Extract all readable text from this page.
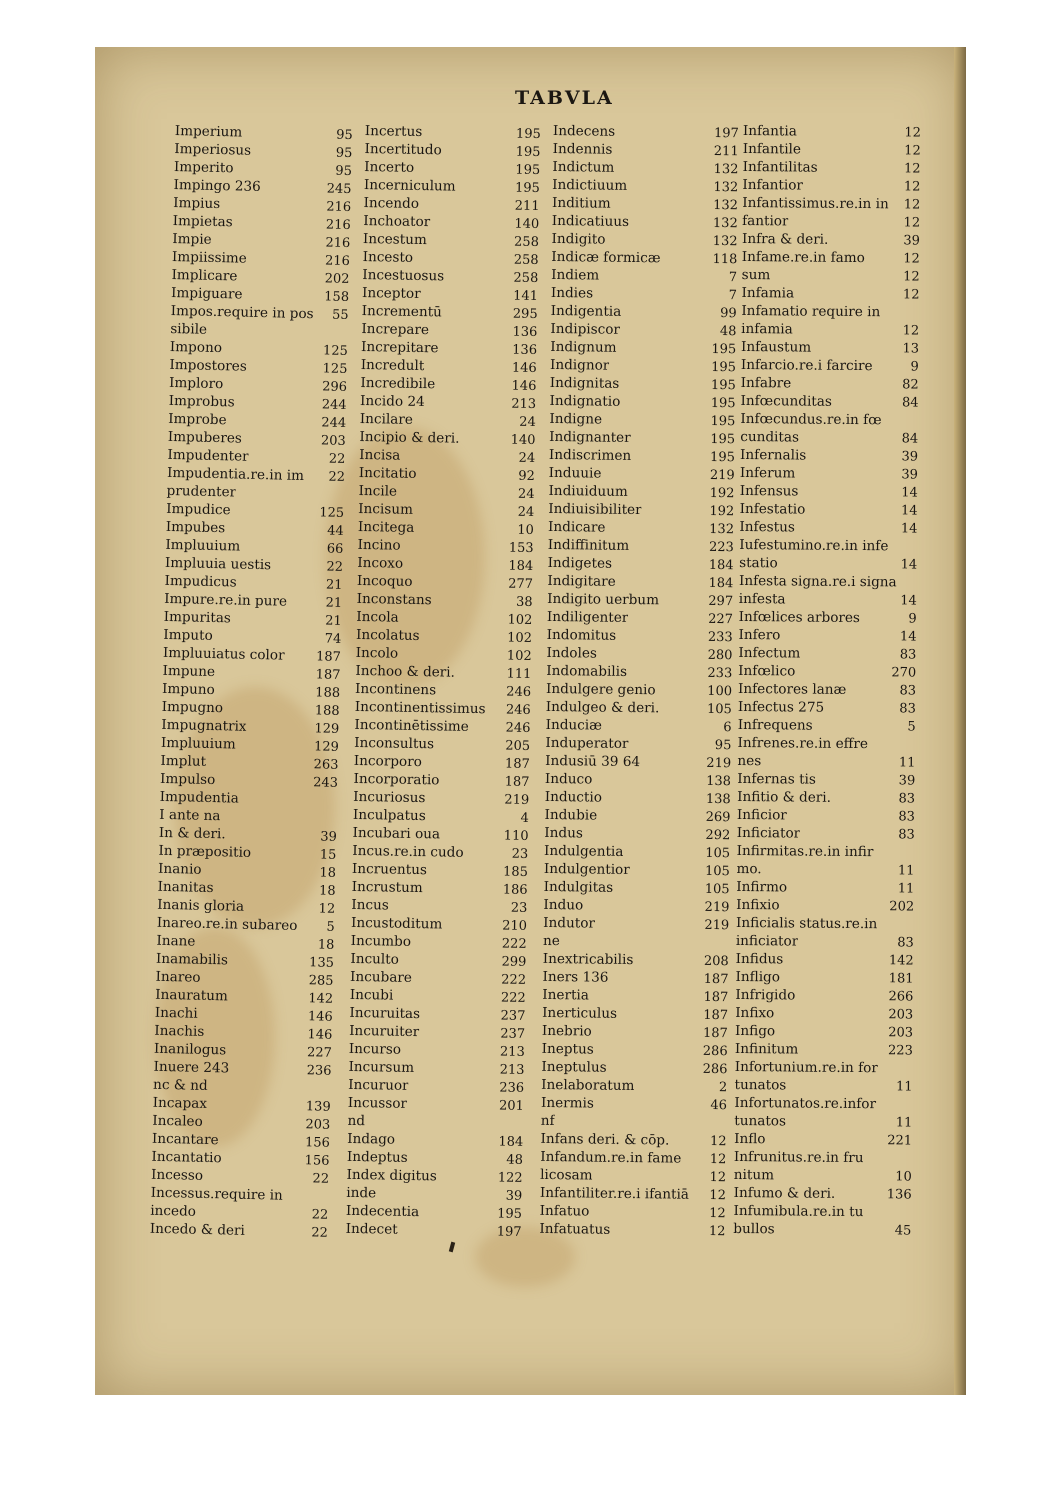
TABVLA
Imperium	95
Imperiosus	95
Imperito	95
Impingo 236	245
Impius	216
Impietas	216
Impie	216
Impiissime	216
Implicare	202
Impiguare	158
Impos.require in pos 55
sibile
Impono	125
Impostores	125
Imploro	296
Improbus	244
Improbe	244
Impuberes	203
Impudenter	22
Impudentia.re.in im 22
prudenter
Impudice	125
Impubes	44
Impluuium	66
Impluuia uestis	22
Impudicus	21
Impure.re.in pure	21
Impuritas	21
Imputo	74
Impluuiatus color 187
Impune	187
Impuno	188
Impugno	188
Impugnatrix	129
Impluuium	129
Implut	263
Impulso	243
Impudentia
I ante na
In & deri.	39
In præpositio	15
Inanio	18
Inanitas	18
Inanis gloria	12
Inareo.re.in subareo 5
Inane	18
Inamabilis	135
Inareo	285
Inauratum	142
Inachi	146
Inachis	146
Inanilogus	227
Inuere 243	236
nc & nd
Incapax	139
Incaleo	203
Incantare	156
Incantatio	156
Incesso	22
Incessus.require in
incedo	22
Incedo & deri	22
Incertus	195
Incertitudo	195
Incerto	195
Incerniculum	195
Incendo	211
Inchoator	140
Incestum	258
Incesto	258
Incestuosus	258
Inceptor	141
Incrementū	295
Increpare	136
Increpitare	136
Incredult	146
Incredibile	146
Incido 24	213
Incilare	24
Incipio & deri.	140
Incisa	24
Incitatio	92
Incile	24
Incisum	24
Incitega	10
Incino	153
Incoxo	184
Incoquo	277
Inconstans	38
Incola	102
Incolatus	102
Incolo	102
Inchoo & deri.	111
Incontinens	246
Incontinentissimus 246
Incontinētissime	246
Inconsultus	205
Incorporo	187
Incorporatio	187
Incuriosus	219
Inculpatus	4
Incubari oua	110
Incus.re.in cudo	23
Incruentus	185
Incrustum	186
Incus	23
Incustoditum	210
Incumbo	222
Inculto	299
Incubare	222
Incubi	222
Incuruitas	237
Incuruiter	237
Incurso	213
Incursum	213
Incuruor	236
Incussor	201
nd
Indago	184
Indeptus	48
Index digitus	122
inde	39
Indecentia	195
Indecet	197
Indecens	197
Indennis	211
Indictum	132
Indictiuum	132
Inditium	132
Indicatiuus	132
Indigito	132
Indicæ formicæ	118
Indiem	7
Indies	7
Indigentia	99
Indipiscor	48
Indignum	195
Indignor	195
Indignitas	195
Indignatio	195
Indigne	195
Indignanter	195
Indiscrimen	195
Induuie	219
Indiuiduum	192
Indiuisibiliter	192
Indicare	132
Indiffinitum	223
Indigetes	184
Indigitare	184
Indigito uerbum	297
Indiligenter	227
Indomitus	233
Indoles	280
Indomabilis	233
Indulgere genio	100
Indulgeo & deri.	105
Induciæ	6
Induperator	95
Indusiū 39 64	219
Induco	138
Inductio	138
Indubie	269
Indus	292
Indulgentia	105
Indulgentior	105
Indulgitas	105
Induo	219
Indutor	219
ne
Inextricabilis	208
Iners 136	187
Inertia	187
Inerticulus	187
Inebrio	187
Ineptus	286
Ineptulus	286
Inelaboratum	2
Inermis	46
nf
Infans deri. & cōp.	12
Infandum.re.in fame 12
licosam	12
Infantiliter.re.i ifantiā 12
Infatuo	12
Infatuatus	12
Infantia	12
Infantile	12
Infantilitas	12
Infantior	12
Infantissimus.re.in in 12
fantior	12
Infra & deri.	39
Infame.re.in famo	12
sum	12
Infamia	12
Infamatio require in
infamia	12
Infaustum	13
Infarcio.re.i farcire	9
Infabre	82
Infœcunditas	84
Infœcundus.re.in fœ
cunditas	84
Infernalis	39
Inferum	39
Infensus	14
Infestatio	14
Infestus	14
Iufestumino.re.in infe
statio	14
Infesta signa.re.i signa
infesta	14
Infœlices arbores	9
Infero	14
Infectum	83
Infœlico	270
Infectores lanæ	83
Infectus 275	83
Infrequens	5
Infrenes.re.in effre
nes	11
Infernas tis	39
Infitio & deri.	83
Inficior	83
Inficiator	83
Infirmitas.re.in infir
mo.	11
Infirmo	11
Infixio	202
Inficialis status.re.in
inficiator	83
Infidus	142
Infligo	181
Infrigido	266
Infixo	203
Infigo	203
Infinitum	223
Infortunium.re.in for
tunatos	11
Infortunatos.re.infor
tunatos	11
Inflo	221
Infrunitus.re.in fru
nitum	10
Infumo & deri.	136
Infumibula.re.in tu
bullos	45
